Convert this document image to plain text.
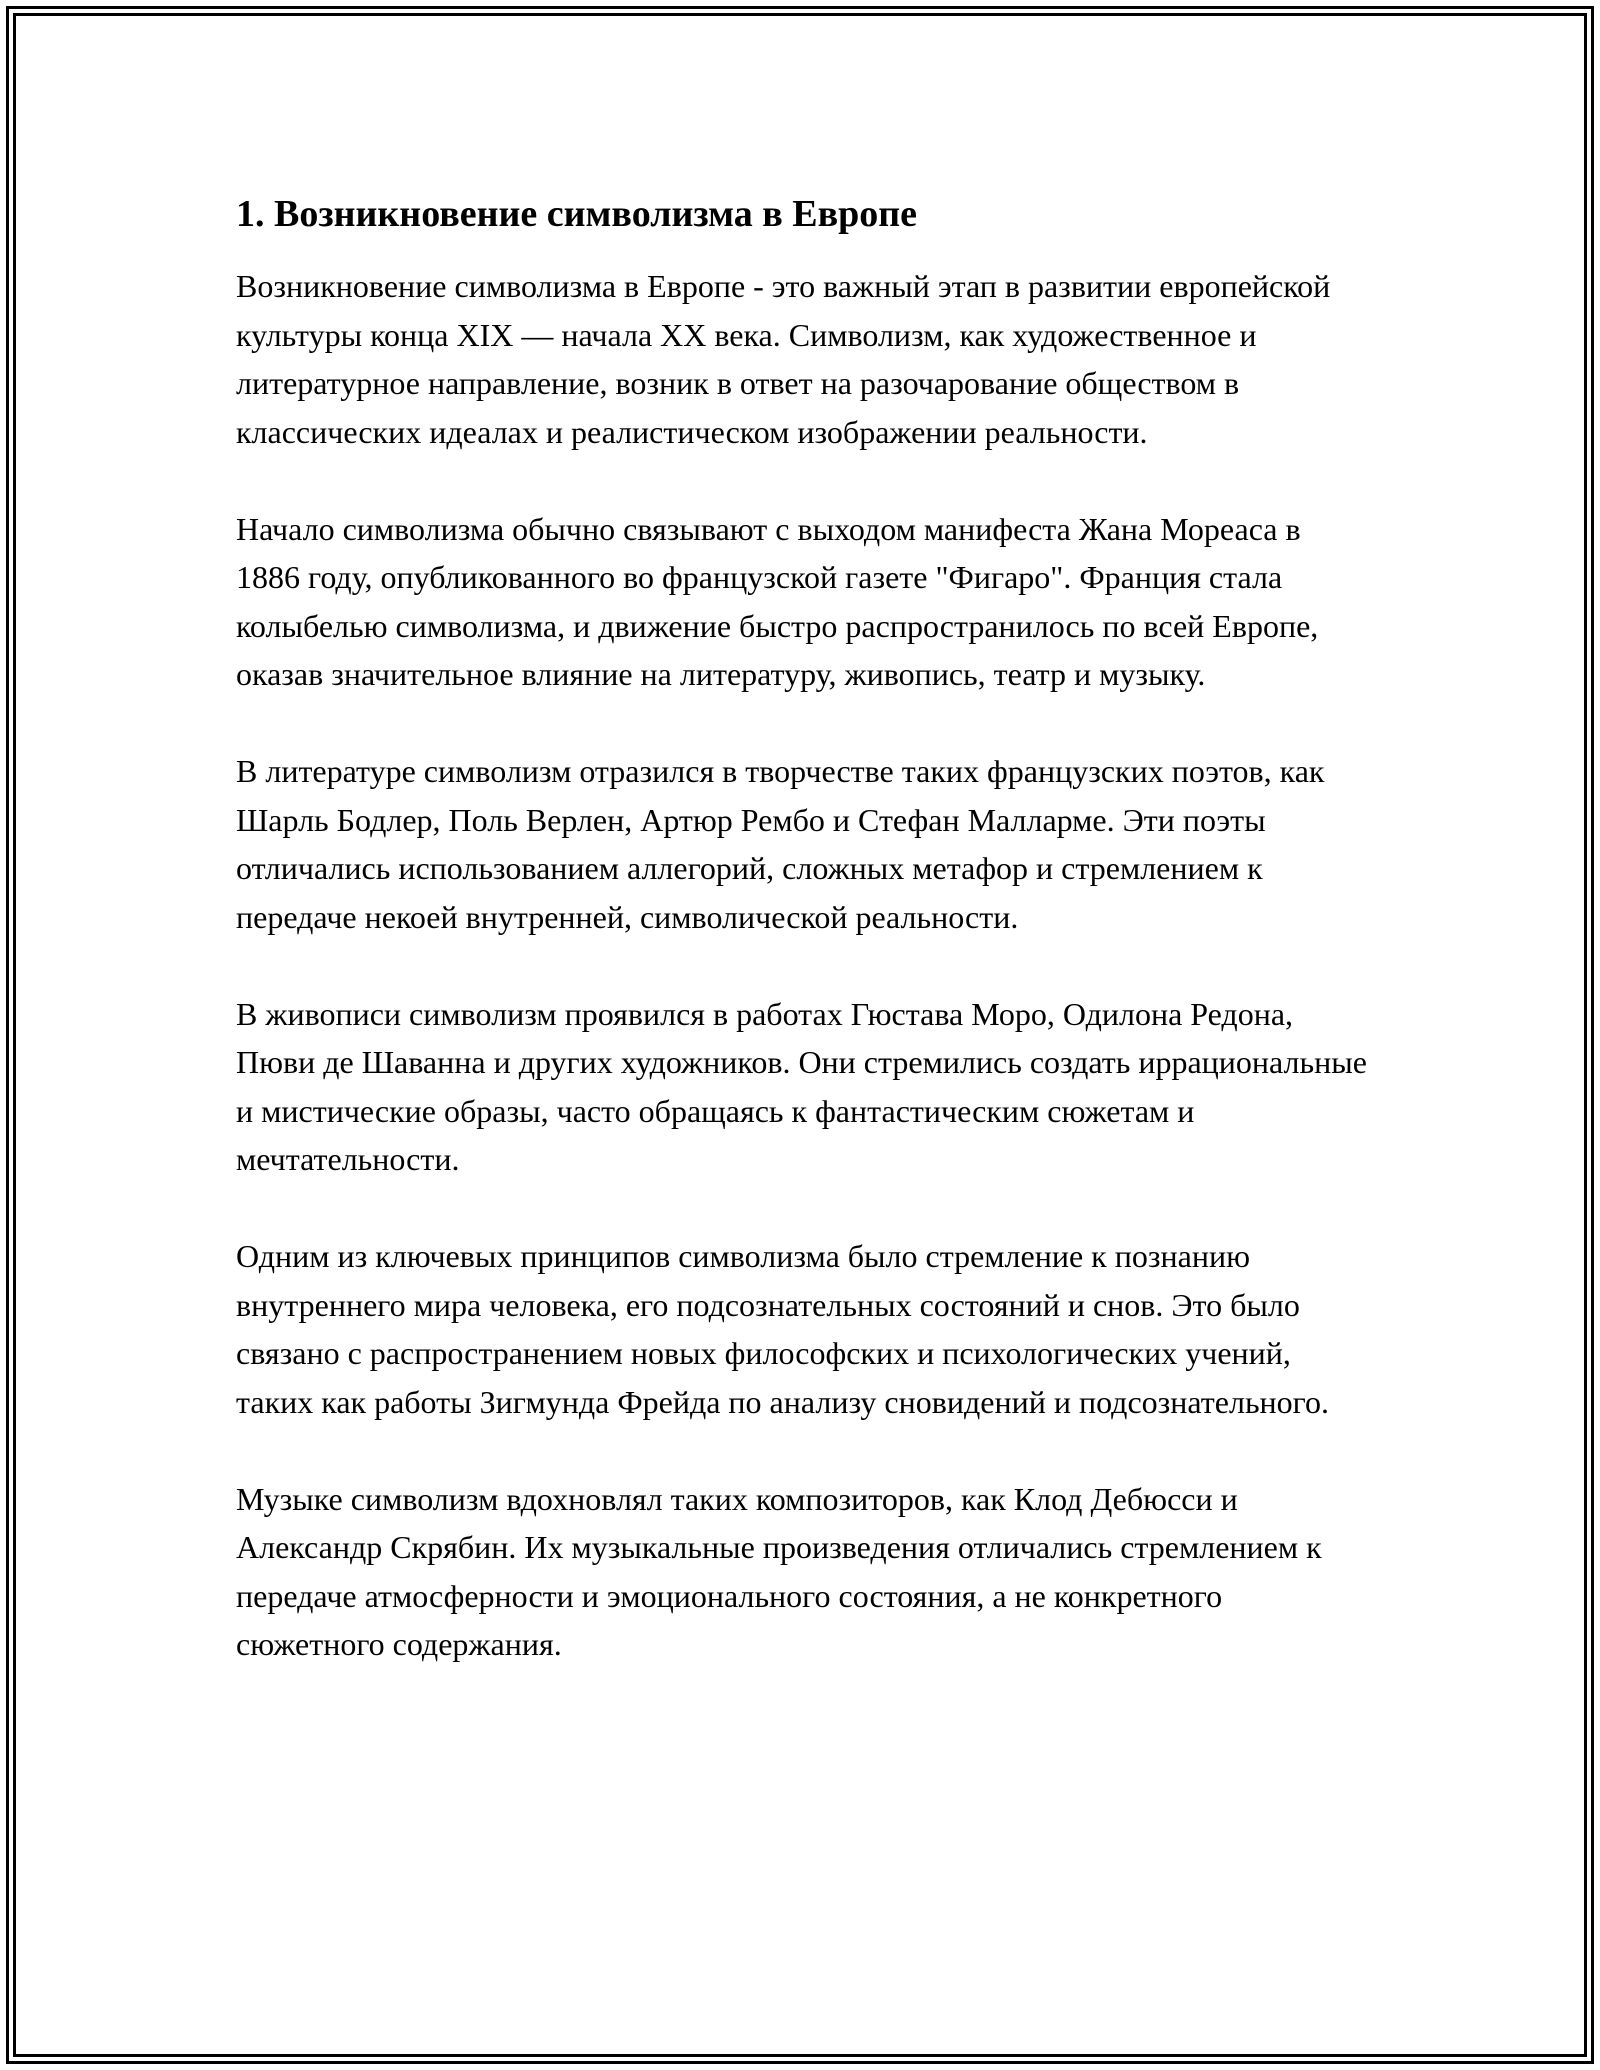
1. Возникновение символизма в Европе

Возникновение символизма в Европе - это важный этап в развитии европейской культуры конца XIX — начала XX века. Символизм, как художественное и литературное направление, возник в ответ на разочарование обществом в классических идеалах и реалистическом изображении реальности.

Начало символизма обычно связывают с выходом манифеста Жана Мореаса в 1886 году, опубликованного во французской газете "Фигаро". Франция стала колыбелью символизма, и движение быстро распространилось по всей Европе, оказав значительное влияние на литературу, живопись, театр и музыку.

В литературе символизм отразился в творчестве таких французских поэтов, как Шарль Бодлер, Поль Верлен, Артюр Рембо и Стефан Малларме. Эти поэты отличались использованием аллегорий, сложных метафор и стремлением к передаче некоей внутренней, символической реальности.

В живописи символизм проявился в работах Гюстава Моро, Одилона Редона, Пюви де Шаванна и других художников. Они стремились создать иррациональные и мистические образы, часто обращаясь к фантастическим сюжетам и мечтательности.

Одним из ключевых принципов символизма было стремление к познанию внутреннего мира человека, его подсознательных состояний и снов. Это было связано с распространением новых философских и психологических учений, таких как работы Зигмунда Фрейда по анализу сновидений и подсознательного.

Музыке символизм вдохновлял таких композиторов, как Клод Дебюсси и Александр Скрябин. Их музыкальные произведения отличались стремлением к передаче атмосферности и эмоционального состояния, а не конкретного сюжетного содержания.
